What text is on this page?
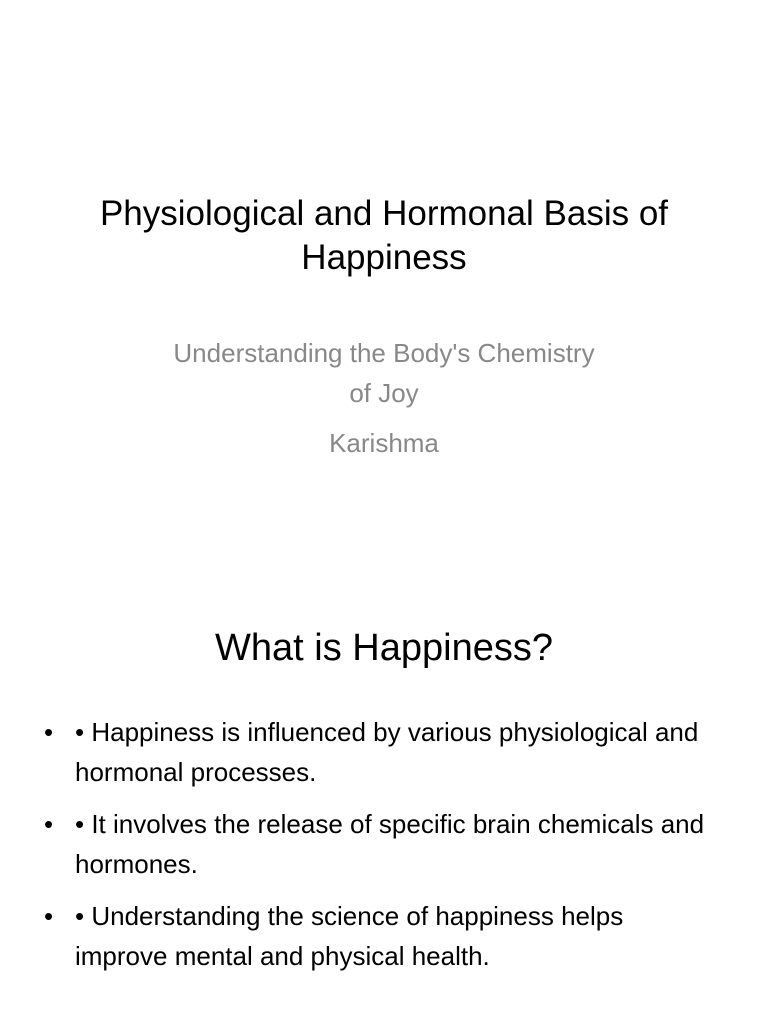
Physiological and Hormonal Basis of Happiness
Understanding the Body's Chemistry
of Joy
Karishma
What is Happiness?
• • Happiness is influenced by various physiological and hormonal processes.
• • It involves the release of specific brain chemicals and hormones.
• • Understanding the science of happiness helps improve mental and physical health.
